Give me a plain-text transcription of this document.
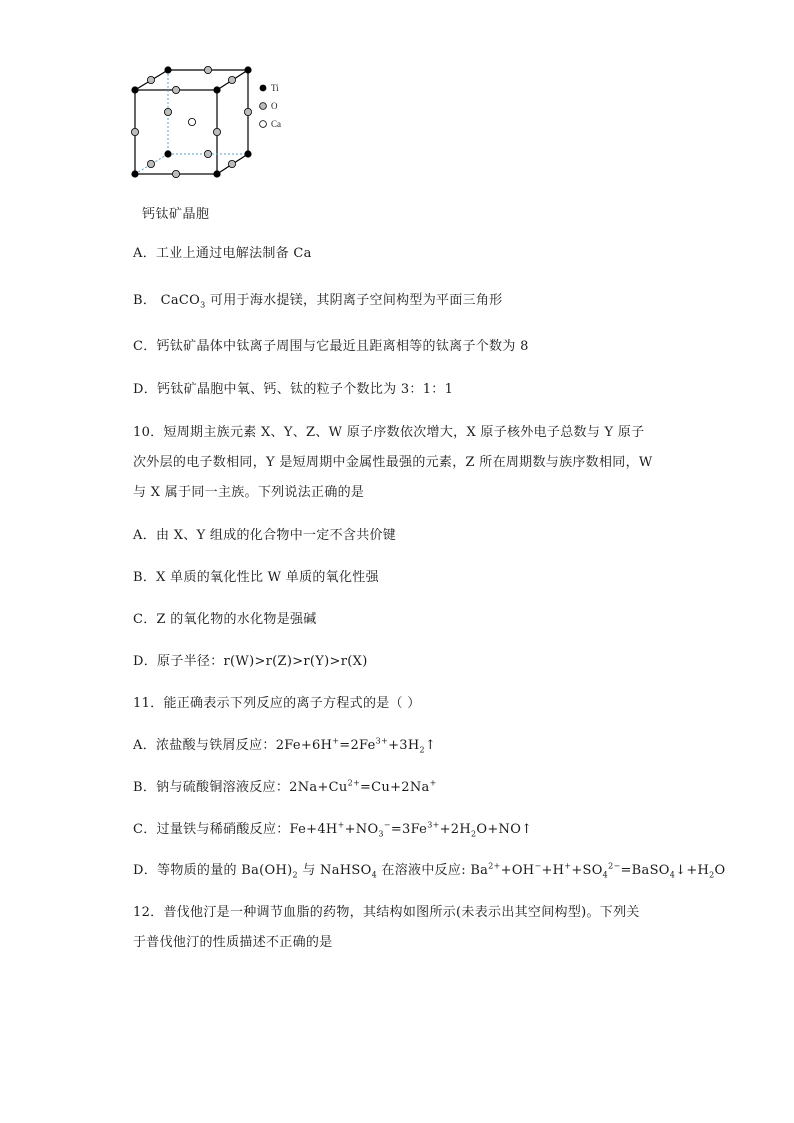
Ti
O
Ca
钙钛矿晶胞
A．工业上通过电解法制备 Ca
B． CaCO$_3$ 可用于海水提镁，其阴离子空间构型为平面三角形
C．钙钛矿晶体中钛离子周围与它最近且距离相等的钛离子个数为 8
D．钙钛矿晶胞中氧、钙、钛的粒子个数比为 3：1：1
10．短周期主族元素 X、Y、Z、W 原子序数依次增大，X 原子核外电子总数与 Y 原子
次外层的电子数相同，Y 是短周期中金属性最强的元素，Z 所在周期数与族序数相同，W
与 X 属于同一主族。下列说法正确的是
A．由 X、Y 组成的化合物中一定不含共价键
B．X 单质的氧化性比 W 单质的氧化性强
C．Z 的氧化物的水化物是强碱
D．原子半径：r(W)>r(Z)>r(Y)>r(X)
11．能正确表示下列反应的离子方程式的是（ ）
A．浓盐酸与铁屑反应：$2Fe+6H^+=2Fe^{3+}+3H_2↑$
B．钠与硫酸铜溶液反应：$2Na+Cu^{2+}=Cu+2Na^+$
C．过量铁与稀硝酸反应：$Fe+4H^++NO_3^-=3Fe^{3+}+2H_2O+NO↑$
D．等物质的量的 $Ba(OH)_2$ 与 NaHSO$_4$ 在溶液中反应: $Ba^{2+}+OH^-+H^++SO_4^{2-}=BaSO_4↓+H_2O$
12．普伐他汀是一种调节血脂的药物，其结构如图所示(未表示出其空间构型)。下列关
于普伐他汀的性质描述不正确的是
